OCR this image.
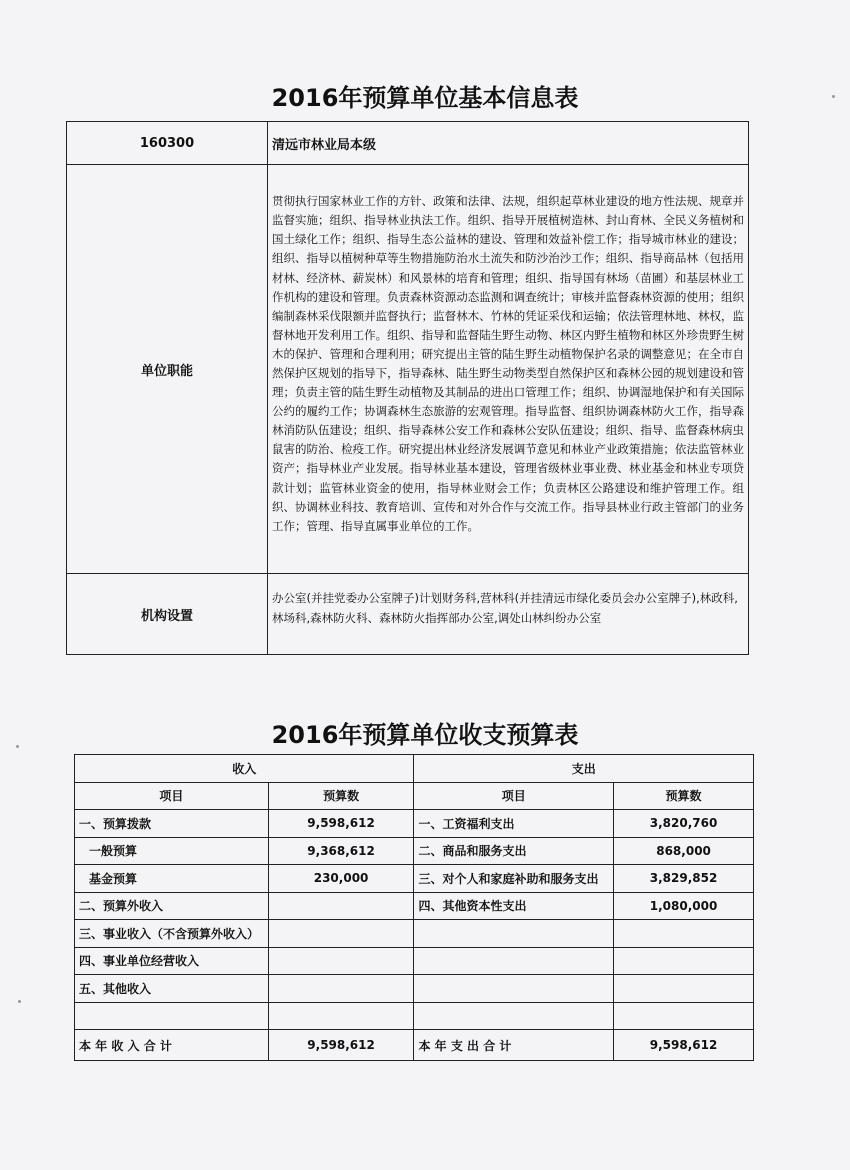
2016年预算单位基本信息表
160300	清远市林业局本级
单位职能	贯彻执行国家林业工作的方针、政策和法律、法规，组织起草林业建设的地方性法规、规章并监督实施；组织、指导林业执法工作。组织、指导开展植树造林、封山育林、全民义务植树和国土绿化工作；组织、指导生态公益林的建设、管理和效益补偿工作；指导城市林业的建设；组织、指导以植树种草等生物措施防治水土流失和防沙治沙工作；组织、指导商品林（包括用材林、经济林、薪炭林）和风景林的培育和管理；组织、指导国有林场（苗圃）和基层林业工作机构的建设和管理。负责森林资源动态监测和调查统计；审核并监督森林资源的使用；组织编制森林采伐限额并监督执行；监督林木、竹林的凭证采伐和运输；依法管理林地、林权，监督林地开发利用工作。组织、指导和监督陆生野生动物、林区内野生植物和林区外珍贵野生树木的保护、管理和合理利用；研究提出主管的陆生野生动植物保护名录的调整意见；在全市自然保护区规划的指导下，指导森林、陆生野生动物类型自然保护区和森林公园的规划建设和管理；负责主管的陆生野生动植物及其制品的进出口管理工作；组织、协调湿地保护和有关国际公约的履约工作；协调森林生态旅游的宏观管理。指导监督、组织协调森林防火工作，指导森林消防队伍建设；组织、指导森林公安工作和森林公安队伍建设；组织、指导、监督森林病虫鼠害的防治、检疫工作。研究提出林业经济发展调节意见和林业产业政策措施；依法监管林业资产；指导林业产业发展。指导林业基本建设，管理省级林业事业费、林业基金和林业专项贷款计划；监管林业资金的使用，指导林业财会工作；负责林区公路建设和维护管理工作。组织、协调林业科技、教育培训、宣传和对外合作与交流工作。指导县林业行政主管部门的业务工作；管理、指导直属事业单位的工作。

机构设置	办公室(并挂党委办公室牌子)计划财务科,营林科(并挂清远市绿化委员会办公室牌子),林政科,林场科,森林防火科、森林防火指挥部办公室,调处山林纠纷办公室
2016年预算单位收支预算表
收入		支出	
项目	预算数	项目	预算数
一、预算拨款	9,598,612	一、工资福利支出	3,820,760
一般预算	9,368,612	二、商品和服务支出	868,000
基金预算	230,000	三、对个人和家庭补助和服务支出	3,829,852
二、预算外收入		四、其他资本性支出	1,080,000
三、事业收入（不含预算外收入）			
四、事业单位经营收入			
五、其他收入			

本 年 收 入 合 计	9,598,612	本 年 支 出 合 计	9,598,612
